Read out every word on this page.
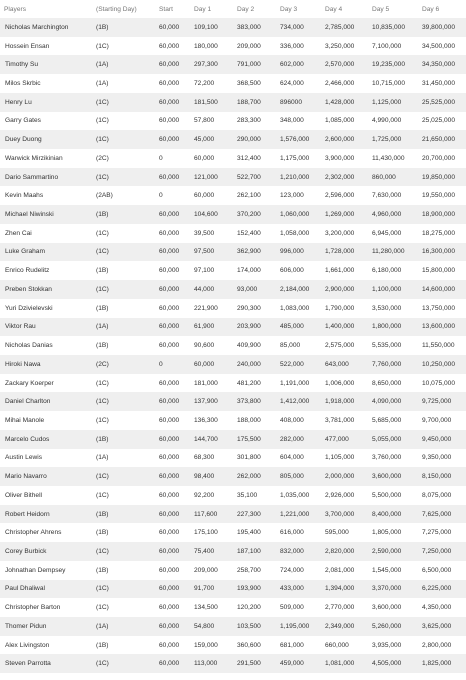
Players	(Starting Day)	Start	Day 1	Day 2	Day 3	Day 4	Day 5	Day 6
Nicholas Marchington	(1B)	60,000	109,100	383,000	734,000	2,785,000	10,835,000	39,800,000
Hossein Ensan	(1C)	60,000	180,000	209,000	336,000	3,250,000	7,100,000	34,500,000
Timothy Su	(1A)	60,000	297,300	791,000	602,000	2,570,000	19,235,000	34,350,000
Milos Skrbic	(1A)	60,000	72,200	368,500	624,000	2,466,000	10,715,000	31,450,000
Henry Lu	(1C)	60,000	181,500	188,700	896000	1,428,000	1,125,000	25,525,000
Garry Gates	(1C)	60,000	57,800	283,300	348,000	1,085,000	4,990,000	25,025,000
Duey Duong	(1C)	60,000	45,000	290,000	1,576,000	2,600,000	1,725,000	21,650,000
Warwick Mirzikinian	(2C)	0	60,000	312,400	1,175,000	3,900,000	11,430,000	20,700,000
Dario Sammartino	(1C)	60,000	121,000	522,700	1,210,000	2,302,000	860,000	19,850,000
Kevin Maahs	(2AB)	0	60,000	262,100	123,000	2,596,000	7,630,000	19,550,000
Michael Niwinski	(1B)	60,000	104,600	370,200	1,060,000	1,269,000	4,960,000	18,900,000
Zhen Cai	(1C)	60,000	39,500	152,400	1,058,000	3,200,000	6,945,000	18,275,000
Luke Graham	(1C)	60,000	97,500	362,900	996,000	1,728,000	11,280,000	16,300,000
Enrico Rudelitz	(1B)	60,000	97,100	174,000	606,000	1,661,000	6,180,000	15,800,000
Preben Stokkan	(1C)	60,000	44,000	93,000	2,184,000	2,900,000	1,100,000	14,600,000
Yuri Dzivielevski	(1B)	60,000	221,900	290,300	1,083,000	1,790,000	3,530,000	13,750,000
Viktor Rau	(1A)	60,000	61,900	203,900	485,000	1,400,000	1,800,000	13,600,000
Nicholas Danias	(1B)	60,000	90,600	409,900	85,000	2,575,000	5,535,000	11,550,000
Hiroki Nawa	(2C)	0	60,000	240,000	522,000	643,000	7,760,000	10,250,000
Zackary Koerper	(1C)	60,000	181,000	481,200	1,191,000	1,006,000	8,650,000	10,075,000
Daniel Charlton	(1C)	60,000	137,900	373,800	1,412,000	1,918,000	4,090,000	9,725,000
Mihai Manole	(1C)	60,000	136,300	188,000	408,000	3,781,000	5,685,000	9,700,000
Marcelo Cudos	(1B)	60,000	144,700	175,500	282,000	477,000	5,055,000	9,450,000
Austin Lewis	(1A)	60,000	68,300	301,800	604,000	1,105,000	3,760,000	9,350,000
Mario Navarro	(1C)	60,000	98,400	262,000	805,000	2,000,000	3,600,000	8,150,000
Oliver Bithell	(1C)	60,000	92,200	35,100	1,035,000	2,926,000	5,500,000	8,075,000
Robert Heidorn	(1B)	60,000	117,600	227,300	1,221,000	3,700,000	8,400,000	7,625,000
Christopher Ahrens	(1B)	60,000	175,100	195,400	616,000	595,000	1,805,000	7,275,000
Corey Burbick	(1C)	60,000	75,400	187,100	832,000	2,820,000	2,590,000	7,250,000
Johnathan Dempsey	(1B)	60,000	209,000	258,700	724,000	2,081,000	1,545,000	6,500,000
Paul Dhaliwal	(1C)	60,000	91,700	193,900	433,000	1,394,000	3,370,000	6,225,000
Christopher Barton	(1C)	60,000	134,500	120,200	509,000	2,770,000	3,600,000	4,350,000
Thomer Pidun	(1A)	60,000	54,800	103,500	1,195,000	2,349,000	5,260,000	3,625,000
Alex Livingston	(1B)	60,000	159,000	360,600	681,000	660,000	3,935,000	2,800,000
Steven Parrotta	(1C)	60,000	113,000	291,500	459,000	1,081,000	4,505,000	1,825,000
